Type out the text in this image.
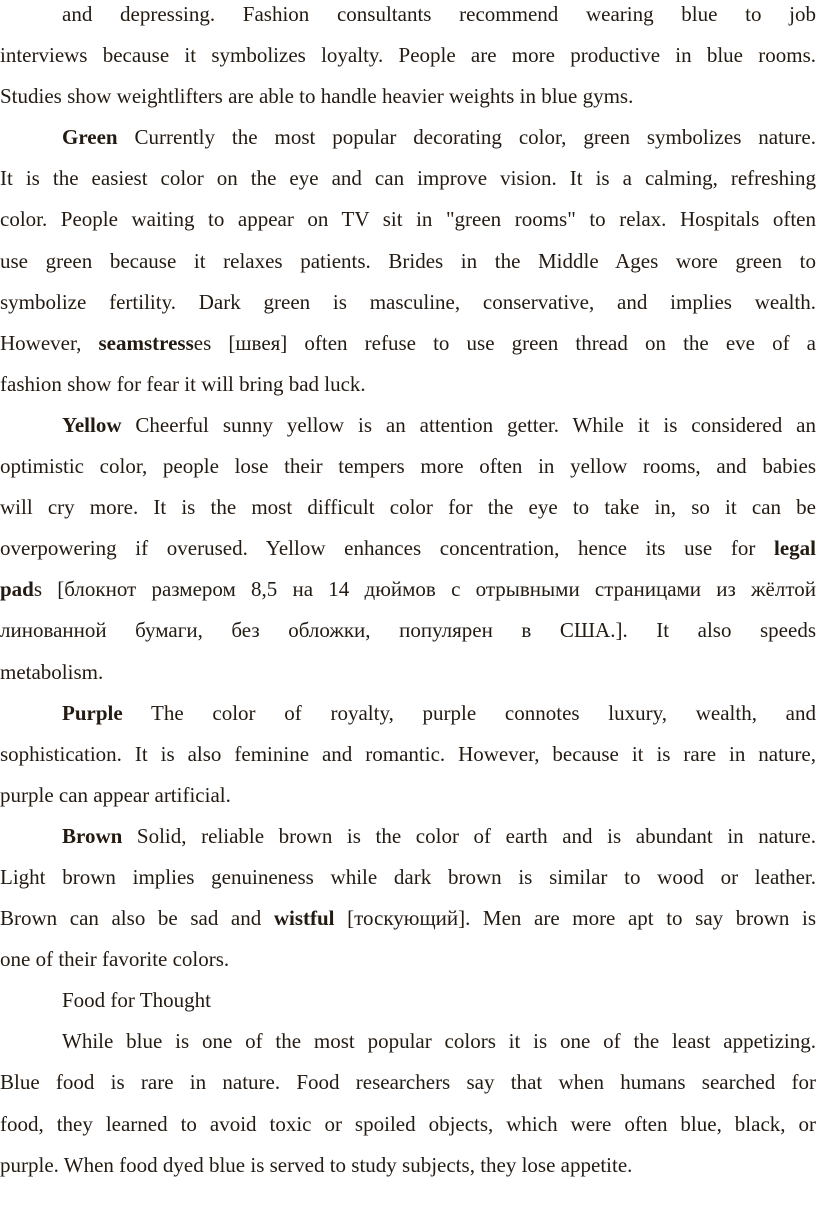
and depressing. Fashion consultants recommend wearing blue to job
interviews because it symbolizes loyalty. People are more productive in blue rooms.
Studies show weightlifters are able to handle heavier weights in blue gyms.
Green Currently the most popular decorating color, green symbolizes nature.
It is the easiest color on the eye and can improve vision. It is a calming, refreshing
color. People waiting to appear on TV sit in "green rooms" to relax. Hospitals often
use green because it relaxes patients. Brides in the Middle Ages wore green to
symbolize fertility. Dark green is masculine, conservative, and implies wealth.
However, seamstresses [швея] often refuse to use green thread on the eve of a
fashion show for fear it will bring bad luck.
Yellow Cheerful sunny yellow is an attention getter. While it is considered an
optimistic color, people lose their tempers more often in yellow rooms, and babies
will cry more. It is the most difficult color for the eye to take in, so it can be
overpowering if overused. Yellow enhances concentration, hence its use for legal
pads [блокнот размером 8,5 на 14 дюймов с отрывными страницами из жёлтой
линованной бумаги, без обложки, популярен в США.]. It also speeds
metabolism.
Purple The color of royalty, purple connotes luxury, wealth, and
sophistication. It is also feminine and romantic. However, because it is rare in nature,
purple can appear artificial.
Brown Solid, reliable brown is the color of earth and is abundant in nature.
Light brown implies genuineness while dark brown is similar to wood or leather.
Brown can also be sad and wistful [тоскующий]. Men are more apt to say brown is
one of their favorite colors.
Food for Thought
While blue is one of the most popular colors it is one of the least appetizing.
Blue food is rare in nature. Food researchers say that when humans searched for
food, they learned to avoid toxic or spoiled objects, which were often blue, black, or
purple. When food dyed blue is served to study subjects, they lose appetite.
